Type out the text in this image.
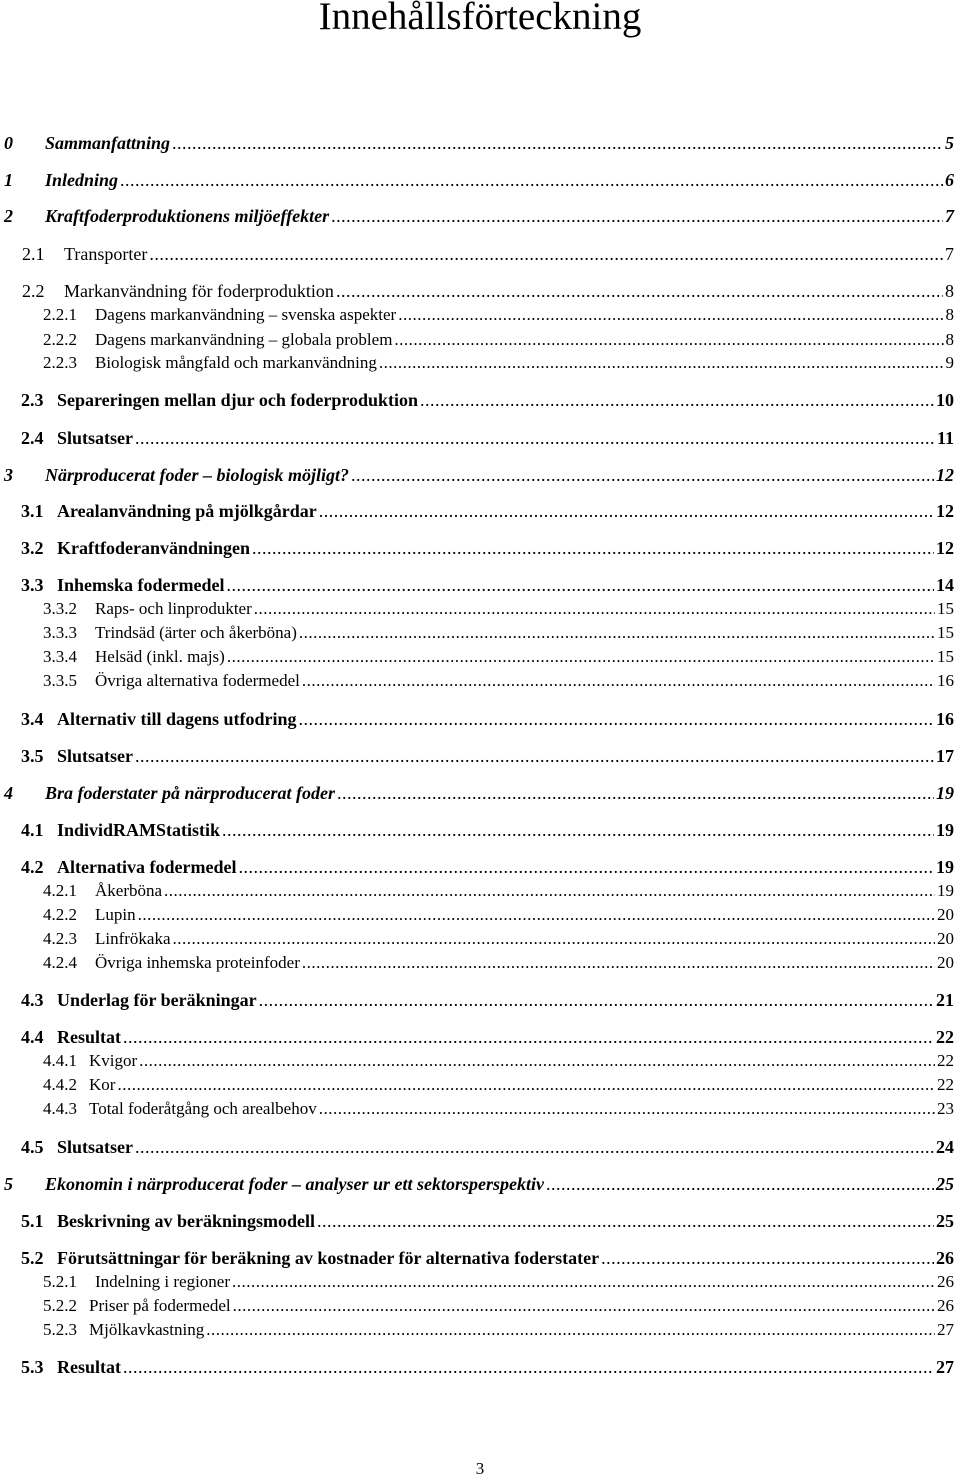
Innehållsförteckning
0	Sammanfattning .....	5
1	Inledning .....	6
2	Kraftfoderproduktionens miljöeffekter .....	7
2.1	Transporter .....	7
2.2	Markanvändning för foderproduktion .....	8
2.2.1	Dagens markanvändning – svenska aspekter .....	8
2.2.2	Dagens markanvändning – globala problem .....	8
2.2.3	Biologisk mångfald och markanvändning .....	9
2.3 Separeringen mellan djur och foderproduktion .....	10
2.4 Slutsatser .....	11
3	Närproducerat foder – biologisk möjligt? .....	12
3.1 Arealanvändning på mjölkgårdar .....	12
3.2 Kraftfoderanvändningen .....	12
3.3 Inhemska fodermedel .....	14
3.3.2	Raps- och linprodukter .....	15
3.3.3	Trindsäd (ärter och åkerböna) .....	15
3.3.4	Helsäd (inkl. majs) .....	15
3.3.5	Övriga alternativa fodermedel .....	16
3.4 Alternativ till dagens utfodring .....	16
3.5 Slutsatser .....	17
4	Bra foderstater på närproducerat foder .....	19
4.1 IndividRAMStatistik .....	19
4.2 Alternativa fodermedel .....	19
4.2.1	Åkerböna .....	19
4.2.2	Lupin .....	20
4.2.3	Linfrökaka .....	20
4.2.4	Övriga inhemska proteinfoder .....	20
4.3 Underlag för beräkningar .....	21
4.4 Resultat .....	22
4.4.1 Kvigor .....	22
4.4.2 Kor .....	22
4.4.3 Total foderåtgång och arealbehov .....	23
4.5 Slutsatser .....	24
5	Ekonomin i närproducerat foder – analyser ur ett sektorsperspektiv .....	25
5.1 Beskrivning av beräkningsmodell .....	25
5.2 Förutsättningar för beräkning av kostnader för alternativa foderstater .....	26
5.2.1	Indelning i regioner .....	26
5.2.2 Priser på fodermedel .....	26
5.2.3 Mjölkavkastning .....	27
5.3 Resultat .....	27
3
